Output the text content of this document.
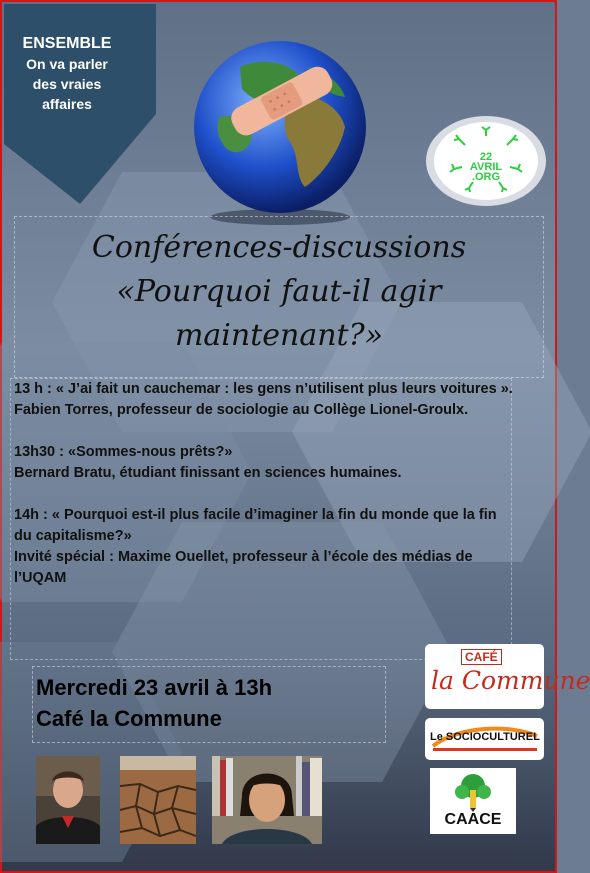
ENSEMBLE
On va parler
des vraies
affaires
22
AVRIL
.ORG
Conférences-discussions
«Pourquoi faut-il agir maintenant?»

13 h : « J’ai fait un cauchemar : les gens n’utilisent plus leurs voitures ».
Fabien Torres, professeur de sociologie au Collège Lionel-Groulx.

13h30 : «Sommes-nous prêts?»
Bernard Bratu, étudiant finissant en sciences humaines.

14h : « Pourquoi est-il plus facile d’imaginer la fin du monde que la fin du capitalisme?»
Invité spécial : Maxime Ouellet, professeur à l’école des médias de l’UQAM

Mercredi 23 avril à 13h
Café la Commune
CAFÉ
la Commune
Le SOCIOCULTUREL
CAACE
